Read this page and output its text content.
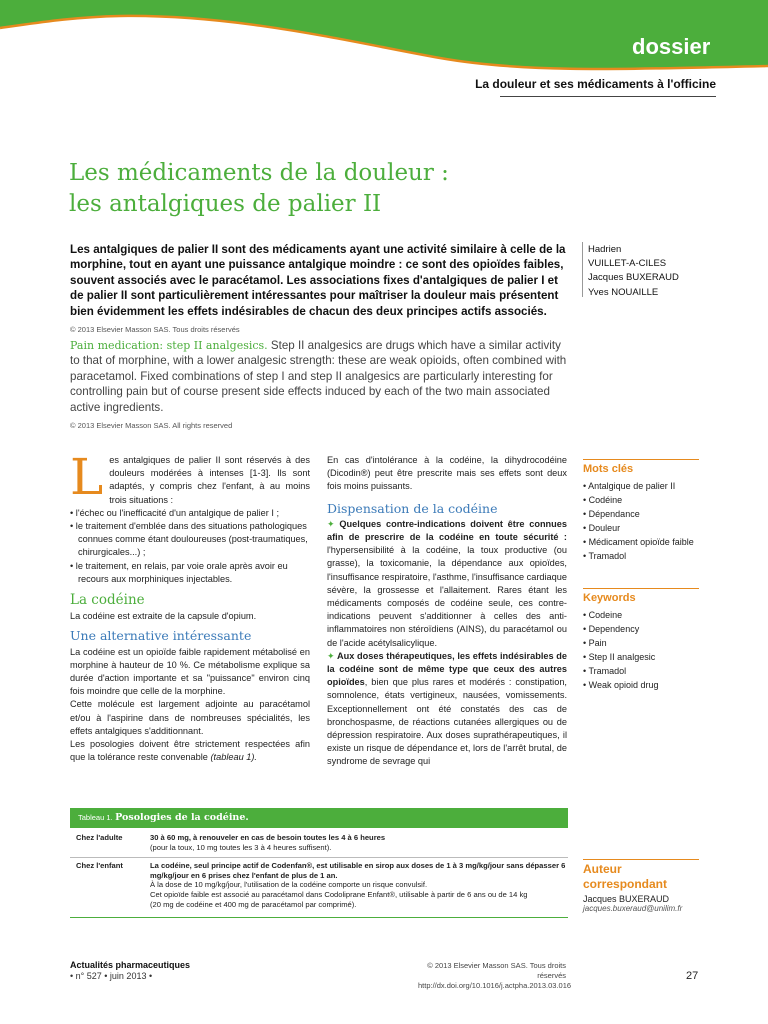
dossier
La douleur et ses médicaments à l'officine
Les médicaments de la douleur :
les antalgiques de palier II
Les antalgiques de palier II sont des médicaments ayant une activité similaire à celle de la morphine, tout en ayant une puissance antalgique moindre : ce sont des opioïdes faibles, souvent associés avec le paracétamol. Les associations fixes d'antalgiques de palier I et de palier II sont particulièrement intéressantes pour maîtriser la douleur mais présentent bien évidemment les effets indésirables de chacun des deux principes actifs associés.
© 2013 Elsevier Masson SAS. Tous droits réservés
Hadrien
VUILLET-A-CILES
Jacques BUXERAUD
Yves NOUAILLE
Pain medication: step II analgesics. Step II analgesics are drugs which have a similar activity to that of morphine, with a lower analgesic strength: these are weak opioids, often combined with paracetamol. Fixed combinations of step I and step II analgesics are particularly interesting for controlling pain but of course present side effects induced by each of the two main associated active ingredients.
© 2013 Elsevier Masson SAS. All rights reserved

Les antalgiques de palier II sont réservés à des douleurs modérées à intenses [1-3]. Ils sont adaptés, y compris chez l'enfant, à au moins trois situations :

• l'échec ou l'inefficacité d'un antalgique de palier I ;
• le traitement d'emblée dans des situations pathologiques connues comme étant douloureuses (post-traumatiques, chirurgicales...) ;
• le traitement, en relais, par voie orale après avoir eu recours aux morphiniques injectables.
La codéine

La codéine est extraite de la capsule d'opium.

Une alternative intéressante

La codéine est un opioïde faible rapidement métabolisé en morphine à hauteur de 10 %. Ce métabolisme explique sa durée d'action importante et sa "puissance" environ cinq fois moindre que celle de la morphine.

Cette molécule est largement adjointe au paracétamol et/ou à l'aspirine dans de nombreuses spécialités, les effets antalgiques s'additionnant.

Les posologies doivent être strictement respectées afin que la tolérance reste convenable (tableau 1).

En cas d'intolérance à la codéine, la dihydrocodéine (Dicodin®) peut être prescrite mais ses effets sont deux fois moins puissants.

Dispensation de la codéine

✦ Quelques contre-indications doivent être connues afin de prescrire de la codéine en toute sécurité : l'hypersensibilité à la codéine, la toux productive (ou grasse), la toxicomanie, la dépendance aux opioïdes, l'insuffisance respiratoire, l'asthme, l'insuffisance cardiaque sévère, la grossesse et l'allaitement. Rares étant les médicaments composés de codéine seule, ces contre-indications peuvent s'additionner à celles des anti-inflammatoires non stéroïdiens (AINS), du paracétamol ou de l'acide acétylsalicylique.

✦ Aux doses thérapeutiques, les effets indésirables de la codéine sont de même type que ceux des autres opioïdes, bien que plus rares et modérés : constipation, somnolence, états vertigineux, nausées, vomissements. Exceptionnellement ont été constatés des cas de bronchospasme, de réactions cutanées allergiques ou de dépression respiratoire. Aux doses suprathérapeutiques, il existe un risque de dépendance et, lors de l'arrêt brutal, de syndrome de sevrage qui

Mots clés
• Antalgique de palier II
• Codéine
• Dépendance
• Douleur
• Médicament opioïde faible
• Tramadol
Keywords
• Codeine
• Dependency
• Pain
• Step II analgesic
• Tramadol
• Weak opioid drug
Tableau 1. Posologies de la codéine.
Chez l'adulte	30 à 60 mg, à renouveler en cas de besoin toutes les 4 à 6 heures
(pour la toux, 10 mg toutes les 3 à 4 heures suffisent).
Chez l'enfant	La codéine, seul principe actif de Codenfan®, est utilisable en sirop aux doses de 1 à 3 mg/kg/jour sans dépasser 6 mg/kg/jour en 6 prises chez l'enfant de plus de 1 an.
À la dose de 10 mg/kg/jour, l'utilisation de la codéine comporte un risque convulsif.
Cet opioïde faible est associé au paracétamol dans Codoliprane Enfant®, utilisable à partir de 6 ans ou de 14 kg
(20 mg de codéine et 400 mg de paracétamol par comprimé).
Auteur
correspondant
Jacques BUXERAUD
jacques.buxeraud@unilim.fr
Actualités pharmaceutiques
• n° 527 • juin 2013 •
© 2013 Elsevier Masson SAS. Tous droits réservés
http://dx.doi.org/10.1016/j.actpha.2013.03.016
27
